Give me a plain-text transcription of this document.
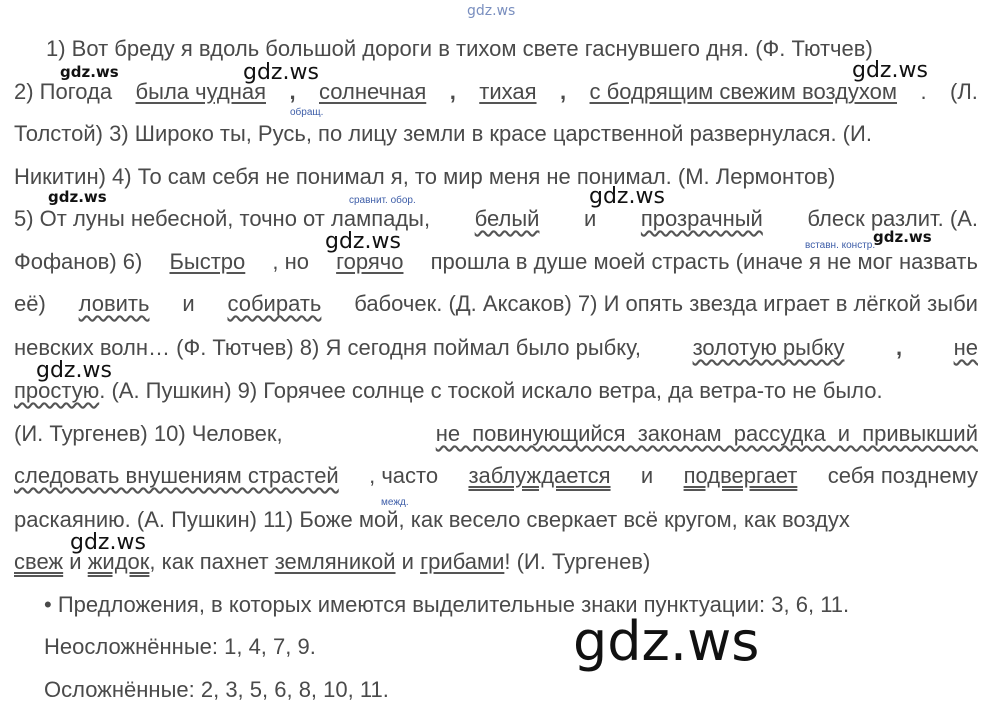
gdz.ws
1) Вот бреду я вдоль большой дороги в тихом свете гаснувшего дня. (Ф. Тютчев)
gdz.ws	gdz.ws	gdz.ws
2) Погода была чудная , солнечная , тихая , с бодрящим свежим воздухом . (Л.
обращ.
Толстой) 3) Широко ты, Русь, по лицу земли в красе царственной развернулася. (И.
Никитин) 4) То сам себя не понимал я, то мир меня не понимал. (М. Лермонтов)
сравнит. обор.
gdz.ws	gdz.ws
5) От луны небесной, точно от лампады, белый и прозрачный блеск разлит. (А.
gdz.ws	вставн. констр.
gdz.ws
Фофанов) 6) Быстро , но горячо прошла в душе моей страсть (иначе я не мог назвать
её) ловить и собирать бабочек. (Д. Аксаков) 7) И опять звезда играет в лёгкой зыби
невских волн… (Ф. Тютчев) 8) Я сегодня поймал было рыбку, золотую рыбку , не
gdz.ws
простую. (А. Пушкин) 9) Горячее солнце с тоской искало ветра, да ветра-то не было.
(И. Тургенев) 10) Человек,	не повинующийся законам рассудка и привыкший
следовать внушениям страстей , часто заблуждается и подвергает себя позднему
межд.
раскаянию. (А. Пушкин) 11) Боже мой, как весело сверкает всё кругом, как воздух
gdz.ws
свеж и жидок, как пахнет земляникой и грибами! (И. Тургенев)
• Предложения, в которых имеются выделительные знаки пунктуации: 3, 6, 11.
Неосложнённые: 1, 4, 7, 9.
Осложнённые: 2, 3, 5, 6, 8, 10, 11.
gdz.ws
